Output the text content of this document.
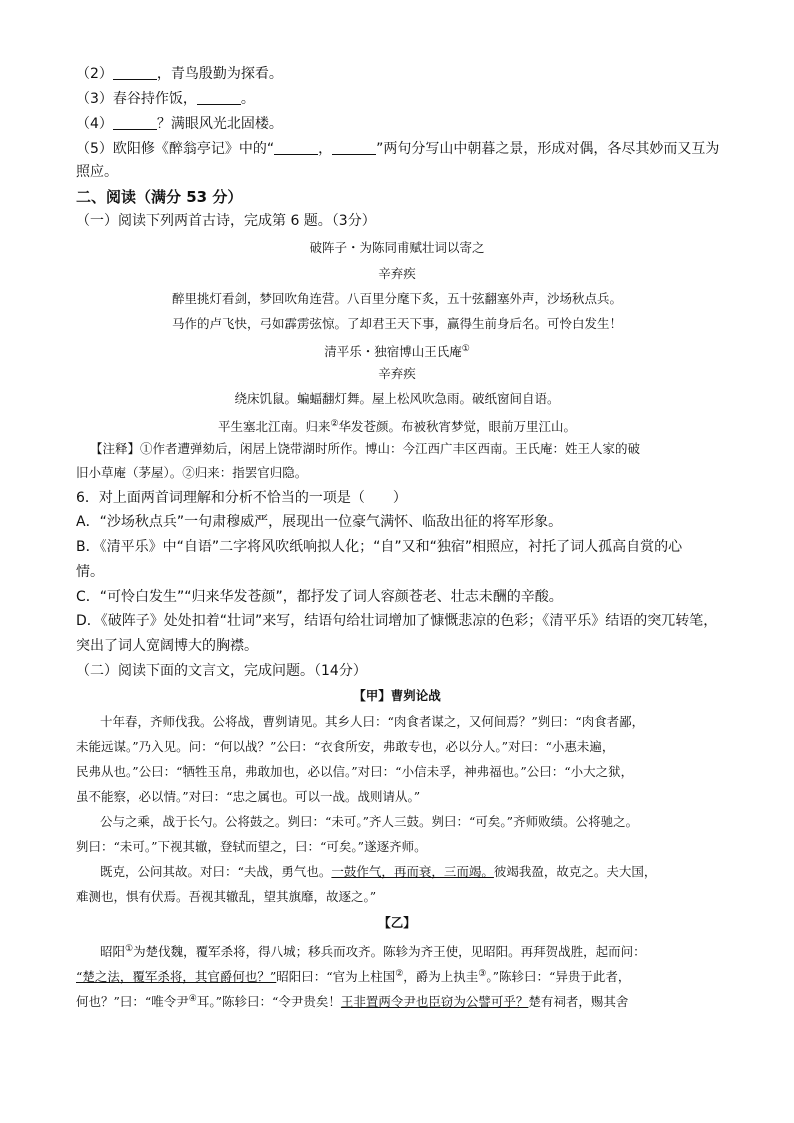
（2）	，青鸟殷勤为探看。
（3）春谷持作饭，	。
（4）	？满眼风光北固楼。
（5）欧阳修《醉翁亭记》中的“	，	”两句分写山中朝暮之景，形成对偶，各尽其妙而又互为
照应。
二、阅读（满分 53 分）
（一）阅读下列两首古诗，完成第 6 题。（3分）
破阵子・为陈同甫赋壮词以寄之
辛弃疾
醉里挑灯看剑，梦回吹角连营。八百里分麾下炙，五十弦翻塞外声，沙场秋点兵。
马作的卢飞快，弓如霹雳弦惊。了却君王天下事，赢得生前身后名。可怜白发生！
清平乐・独宿博山王氏庵①
辛弃疾
绕床饥鼠。蝙蝠翻灯舞。屋上松风吹急雨。破纸窗间自语。
平生塞北江南。归来②华发苍颜。布被秋宵梦觉，眼前万里江山。
【注释】①作者遭弹劾后，闲居上饶带湖时所作。博山：今江西广丰区西南。王氏庵：姓王人家的破
旧小草庵（茅屋）。②归来：指罢官归隐。
6．对上面两首词理解和分析不恰当的一项是（　　）
A．“沙场秋点兵”一句肃穆威严，展现出一位豪气满怀、临敌出征的将军形象。
B．《清平乐》中“自语”二字将风吹纸响拟人化；“自”又和“独宿”相照应，衬托了词人孤高自赏的心
情。
C．“可怜白发生”“归来华发苍颜”，都抒发了词人容颜苍老、壮志未酬的辛酸。
D．《破阵子》处处扣着“壮词”来写，结语句给壮词增加了慷慨悲凉的色彩；《清平乐》结语的突兀转笔，
突出了词人宽阔博大的胸襟。
（二）阅读下面的文言文，完成问题。（14分）
【甲】曹刿论战
十年春，齐师伐我。公将战，曹刿请见。其乡人曰：“肉食者谋之，又何间焉？”刿曰：“肉食者鄙，
未能远谋。”乃入见。问：“何以战？”公曰：“衣食所安，弗敢专也，必以分人。”对曰：“小惠未遍，
民弗从也。”公曰：“牺牲玉帛，弗敢加也，必以信。”对曰：“小信未孚，神弗福也。”公曰：“小大之狱，
虽不能察，必以情。”对曰：“忠之属也。可以一战。战则请从。”
公与之乘，战于长勺。公将鼓之。刿曰：“未可。”齐人三鼓。刿曰：“可矣。”齐师败绩。公将驰之。
刿曰：“未可。”下视其辙，登轼而望之，曰：“可矣。”遂逐齐师。
既克，公问其故。对曰：“夫战，勇气也。一鼓作气，再而衰，三而竭。彼竭我盈，故克之。夫大国，
难测也，惧有伏焉。吾视其辙乱，望其旗靡，故逐之。”
【乙】
昭阳①为楚伐魏，覆军杀将，得八城；移兵而攻齐。陈轸为齐王使，见昭阳。再拜贺战胜，起而问：
“楚之法，覆军杀将，其官爵何也？”昭阳曰：“官为上柱国②，爵为上执圭③。”陈轸曰：“异贵于此者，
何也？”曰：“唯令尹④耳。”陈轸曰：“令尹贵矣！王非置两令尹也臣窃为公譬可乎？楚有祠者，赐其舍
